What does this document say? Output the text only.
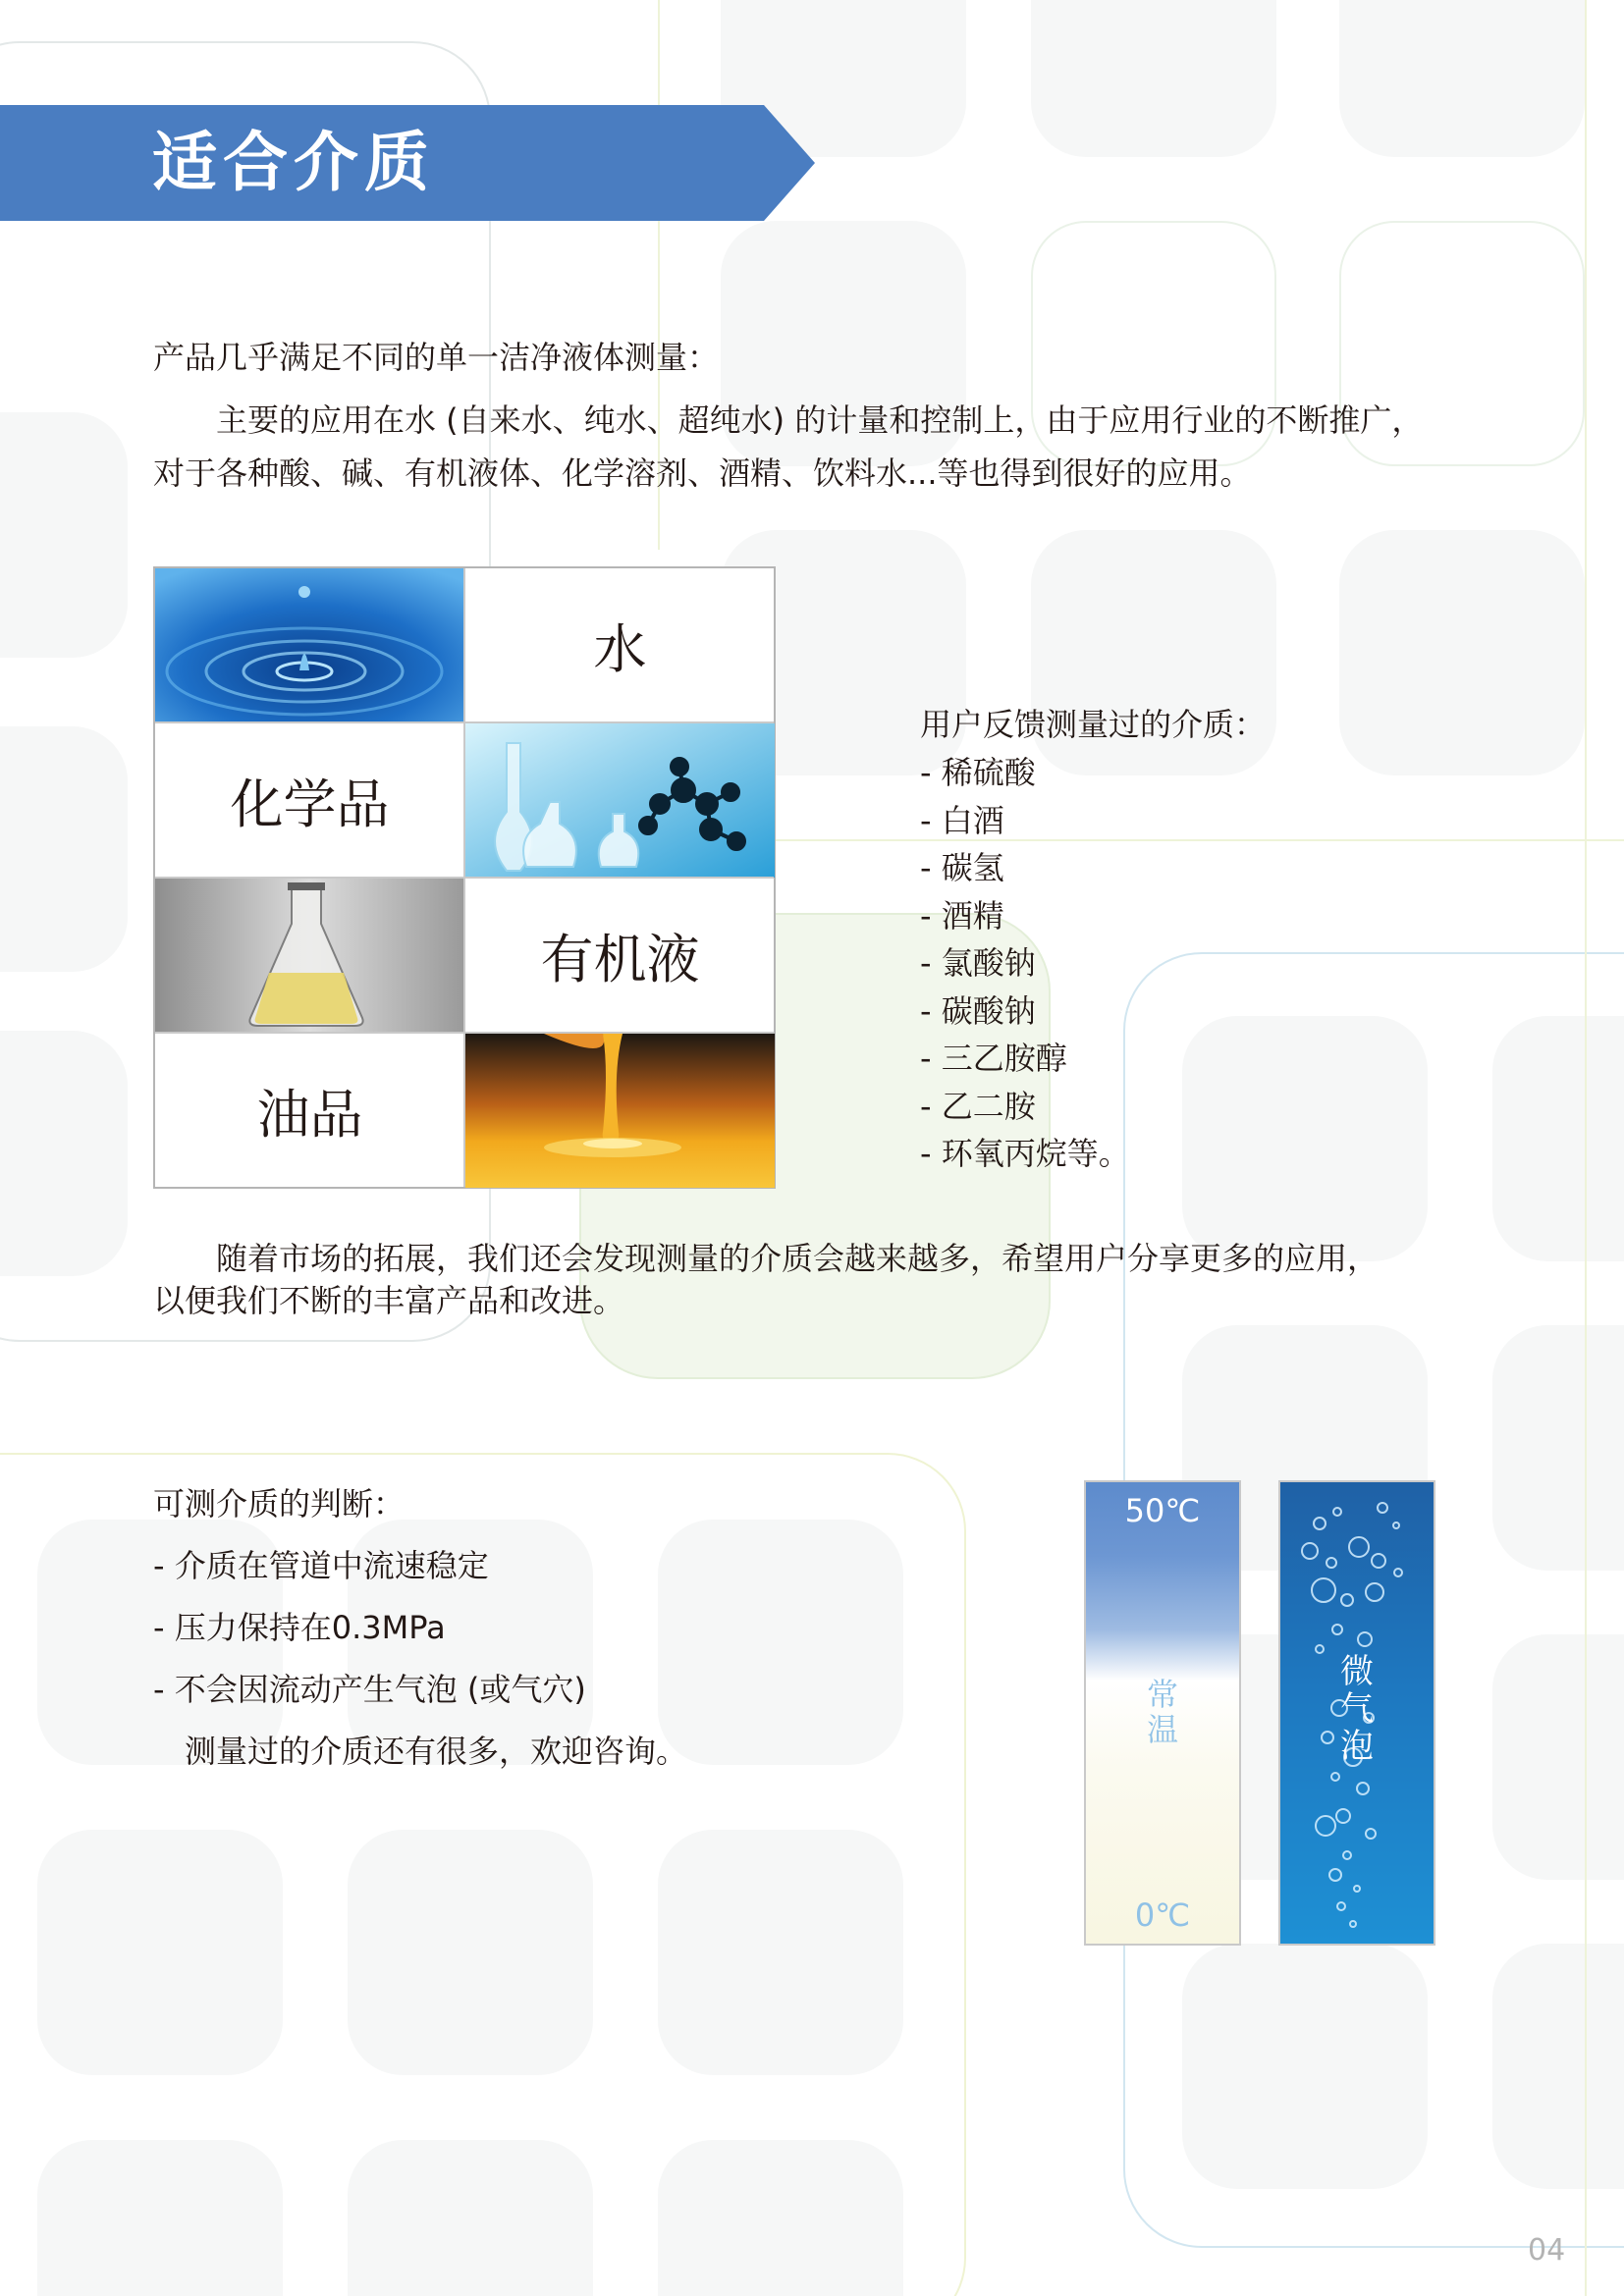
适合介质
产品几乎满足不同的单一洁净液体测量：
　　主要的应用在水 (自来水、纯水、超纯水) 的计量和控制上，由于应用行业的不断推广，
对于各种酸、碱、有机液体、化学溶剂、酒精、饮料水...等也得到很好的应用。
水
化学品
有机液
油品
用户反馈测量过的介质：
- 稀硫酸
- 白酒
- 碳氢
- 酒精
- 氯酸钠
- 碳酸钠
- 三乙胺醇
- 乙二胺
- 环氧丙烷等。
　　随着市场的拓展，我们还会发现测量的介质会越来越多，希望用户分享更多的应用，
以便我们不断的丰富产品和改进。
可测介质的判断：
- 介质在管道中流速稳定
- 压力保持在0.3MPa
- 不会因流动产生气泡 (或气穴)
　测量过的介质还有很多，欢迎咨询。
50℃
常
温
0℃
微
气
泡
04
